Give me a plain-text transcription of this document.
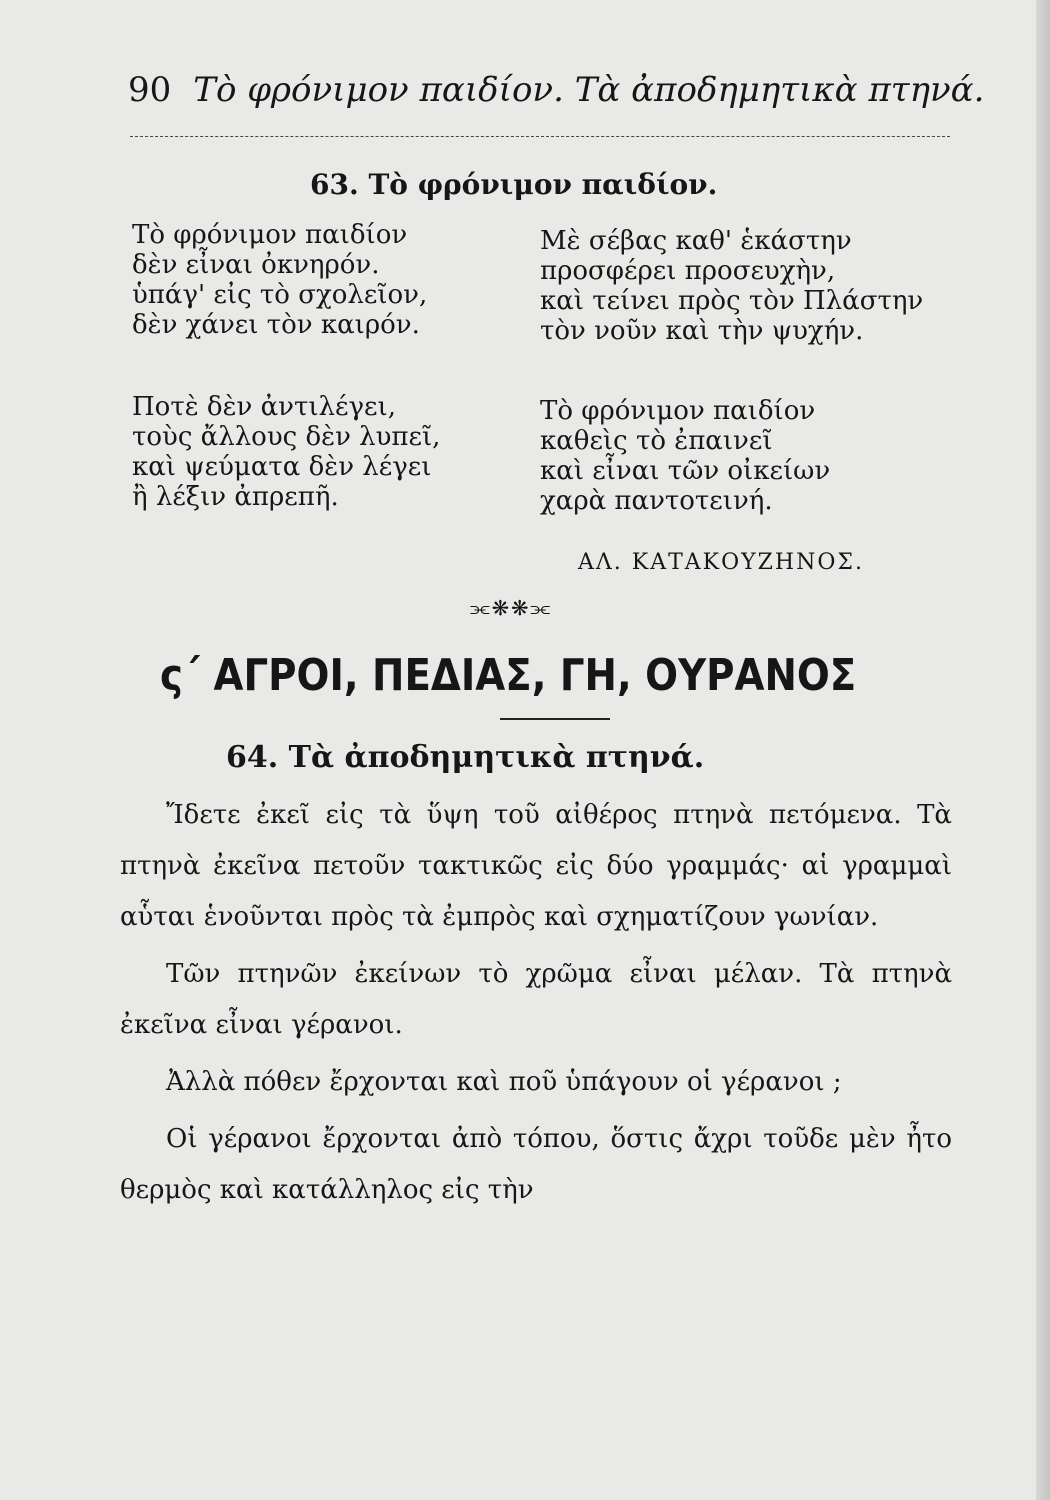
90 Τὸ φρόνιμον παιδίον. Τὰ ἀποδημητικὰ πτηνά.
63. Τὸ φρόνιμον παιδίον.
Τὸ φρόνιμον παιδίον
δὲν εἶναι ὀκνηρόν.
ὑπάγ' εἰς τὸ σχολεῖον,
δὲν χάνει τὸν καιρόν.
Ποτὲ δὲν ἀντιλέγει,
τοὺς ἄλλους δὲν λυπεῖ,
καὶ ψεύματα δὲν λέγει
ἢ λέξιν ἀπρεπῆ.
Μὲ σέβας καθ' ἑκάστην
προσφέρει προσευχὴν,
καὶ τείνει πρὸς τὸν Πλάστην
τὸν νοῦν καὶ τὴν ψυχήν.
Τὸ φρόνιμον παιδίον
καθεὶς τὸ ἐπαινεῖ
καὶ εἶναι τῶν οἰκείων
χαρὰ παντοτεινή.
ΑΛ. ΚΑΤΑΚΟΥΖΗΝΟΣ.
⫘❋❋⫘
ς΄ ΑΓΡΟΙ, ΠΕΔΙΑΣ, ΓΗ, ΟΥΡΑΝΟΣ
64. Τὰ ἀποδημητικὰ πτηνά.

Ἴδετε ἐκεῖ εἰς τὰ ὕψη τοῦ αἰθέρος πτηνὰ πετόμενα. Τὰ πτηνὰ ἐκεῖνα πετοῦν τακτικῶς εἰς δύο γραμμάς· αἱ γραμμαὶ αὗται ἑνοῦνται πρὸς τὰ ἐμπρὸς καὶ σχηματίζουν γωνίαν.

Τῶν πτηνῶν ἐκείνων τὸ χρῶμα εἶναι μέλαν. Τὰ πτηνὰ ἐκεῖνα εἶναι γέρανοι.

Ἀλλὰ πόθεν ἔρχονται καὶ ποῦ ὑπάγουν οἱ γέρανοι ;

Οἱ γέρανοι ἔρχονται ἀπὸ τόπου, ὅστις ἄχρι τοῦδε μὲν ἦτο θερμὸς καὶ κατάλληλος εἰς τὴν
